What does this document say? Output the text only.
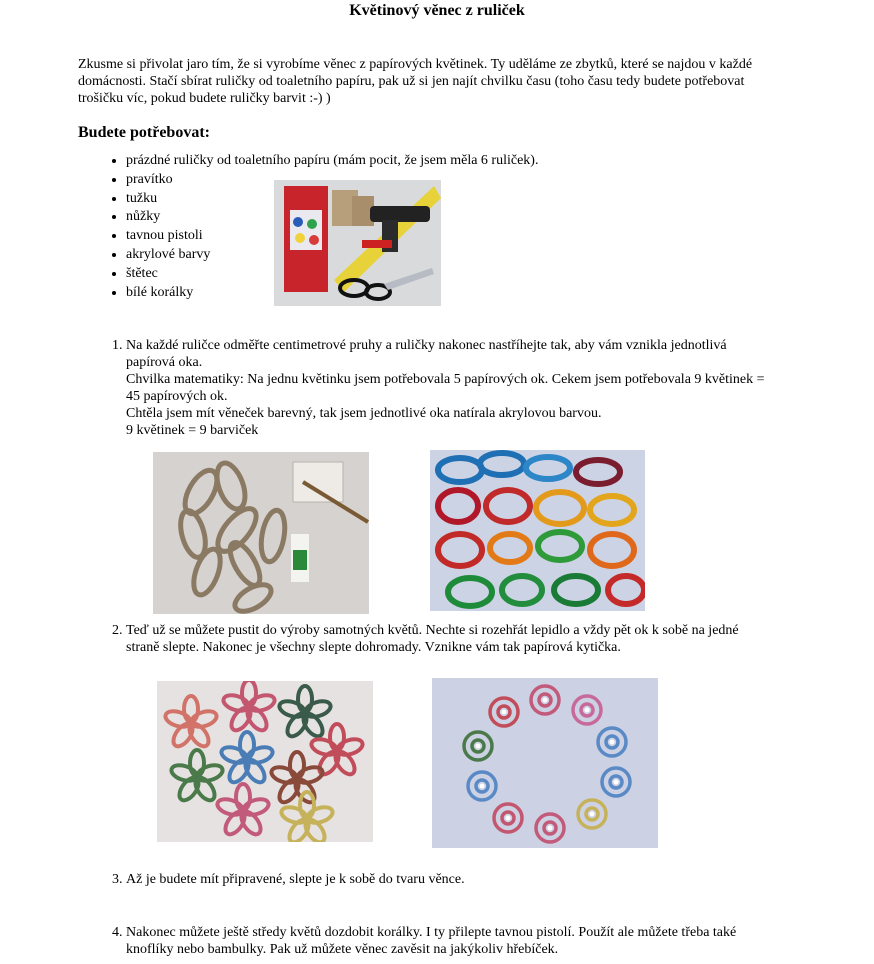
Květinový věnec z ruliček

Zkusme si přivolat jaro tím, že si vyrobíme věnec z papírových květinek. Ty uděláme ze zbytků, které se najdou v každé domácnosti. Stačí sbírat ruličky od toaletního papíru, pak už si jen najít chvilku času (toho času tedy budete potřebovat trošičku víc, pokud budete ruličky barvit :-) )

Budete potřebovat:
• prázdné ruličky od toaletního papíru (mám pocit, že jsem měla 6 ruliček).
• pravítko
• tužku
• nůžky
• tavnou pistoli
• akrylové barvy
• štětec
• bílé korálky
1. Na každé ruličce odměřte centimetrové pruhy a ruličky nakonec nastříhejte tak, aby vám vznikla jednotlivá papírová oka.
Chvilka matematiky: Na jednu květinku jsem potřebovala 5 papírových ok. Cekem jsem potřebovala 9 květinek = 45 papírových ok.
Chtěla jsem mít věneček barevný, tak jsem jednotlivé oka natírala akrylovou barvou.
9 květinek = 9 barviček
2. Teď už se můžete pustit do výroby samotných květů. Nechte si rozehřát lepidlo a vždy pět ok k sobě na jedné straně slepte. Nakonec je všechny slepte dohromady. Vznikne vám tak papírová kytička.
3. Až je budete mít připravené, slepte je k sobě do tvaru věnce.
4. Nakonec můžete ještě středy květů dozdobit korálky. I ty přilepte tavnou pistolí. Použít ale můžete třeba také knoflíky nebo bambulky. Pak už můžete věnec zavěsit na jakýkoliv hřebíček.
